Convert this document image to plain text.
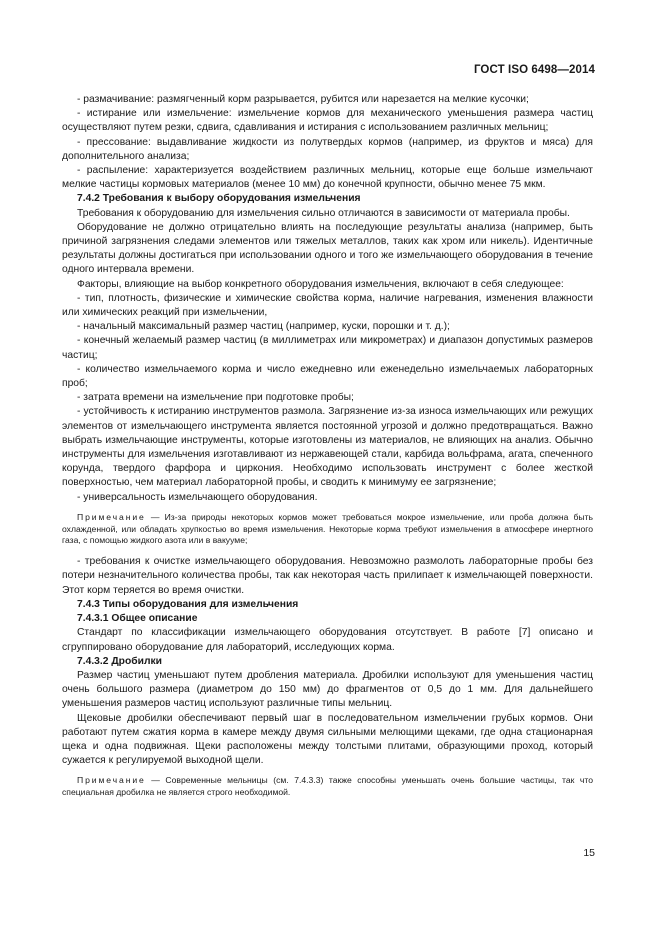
ГОСТ ISO 6498—2014

- размачивание: размягченный корм разрывается, рубится или нарезается на мелкие кусочки;

- истирание или измельчение: измельчение кормов для механического уменьшения размера частиц осуществляют путем резки, сдвига, сдавливания и истирания с использованием различных мельниц;

- прессование: выдавливание жидкости из полутвердых кормов (например, из фруктов и мяса) для дополнительного анализа;

- распыление: характеризуется воздействием различных мельниц, которые еще больше измельчают мелкие частицы кормовых материалов (менее 10 мм) до конечной крупности, обычно менее 75 мкм.

7.4.2 Требования к выбору оборудования измельчения

Требования к оборудованию для измельчения сильно отличаются в зависимости от материала пробы.

Оборудование не должно отрицательно влиять на последующие результаты анализа (например, быть причиной загрязнения следами элементов или тяжелых металлов, таких как хром или никель). Идентичные результаты должны достигаться при использовании одного и того же измельчающего оборудования в течение одного интервала времени.

Факторы, влияющие на выбор конкретного оборудования измельчения, включают в себя следующее:

- тип, плотность, физические и химические свойства корма, наличие нагревания, изменения влажности или химических реакций при измельчении,

- начальный максимальный размер частиц (например, куски, порошки и т. д.);

- конечный желаемый размер частиц (в миллиметрах или микрометрах) и диапазон допустимых размеров частиц;

- количество измельчаемого корма и число ежедневно или еженедельно измельчаемых лабораторных проб;

- затрата времени на измельчение при подготовке пробы;

- устойчивость к истиранию инструментов размола. Загрязнение из-за износа измельчающих или режущих элементов от измельчающего инструмента является постоянной угрозой и должно предотвращаться. Важно выбрать измельчающие инструменты, которые изготовлены из материалов, не влияющих на анализ. Обычно инструменты для измельчения изготавливают из нержавеющей стали, карбида вольфрама, агата, спеченного корунда, твердого фарфора и циркония. Необходимо использовать инструмент с более жесткой поверхностью, чем материал лабораторной пробы, и сводить к минимуму ее загрязнение;

- универсальность измельчающего оборудования.

Примечание — Из-за природы некоторых кормов может требоваться мокрое измельчение, или проба должна быть охлажденной, или обладать хрупкостью во время измельчения. Некоторые корма требуют измельчения в атмосфере инертного газа, с помощью жидкого азота или в вакууме;

- требования к очистке измельчающего оборудования. Невозможно размолоть лабораторные пробы без потери незначительного количества пробы, так как некоторая часть прилипает к измельчающей поверхности. Этот корм теряется во время очистки.

7.4.3 Типы оборудования для измельчения

7.4.3.1 Общее описание

Стандарт по классификации измельчающего оборудования отсутствует. В работе [7] описано и сгруппировано оборудование для лабораторий, исследующих корма.

7.4.3.2 Дробилки

Размер частиц уменьшают путем дробления материала. Дробилки используют для уменьшения частиц очень большого размера (диаметром до 150 мм) до фрагментов от 0,5 до 1 мм. Для дальнейшего уменьшения размеров частиц используют различные типы мельниц.

Щековые дробилки обеспечивают первый шаг в последовательном измельчении грубых кормов. Они работают путем сжатия корма в камере между двумя сильными мелющими щеками, где одна стационарная щека и одна подвижная. Щеки расположены между толстыми плитами, образующими проход, который сужается к регулируемой выходной щели.

Примечание — Современные мельницы (см. 7.4.3.3) также способны уменьшать очень большие частицы, так что специальная дробилка не является строго необходимой.

15
